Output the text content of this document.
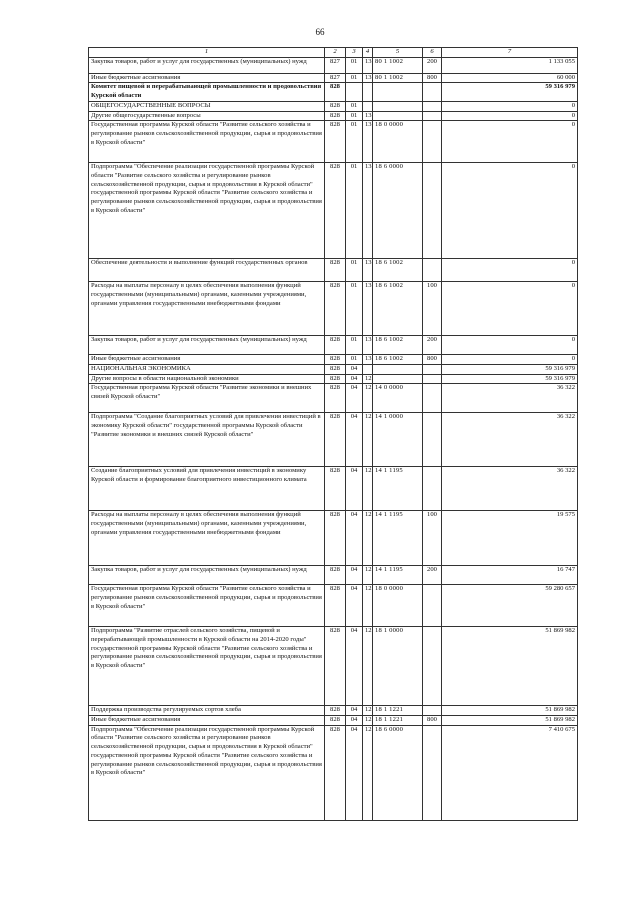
66
1	2	3	4	5	6	7
Закупка товаров, работ и услуг для государственных (муниципальных) нужд	827	01	13	80 1 1002	200	1 133 055
Иные бюджетные ассигнования	827	01	13	80 1 1002	800	60 000
Комитет пищевой и перерабатывающей промышленности и продовольствия Курской области	828					59 316 979
ОБЩЕГОСУДАРСТВЕННЫЕ ВОПРОСЫ	828	01				0
Другие общегосударственные вопросы	828	01	13			0
Государственная программа Курской области "Развитие сельского хозяйства и регулирование рынков сельскохозяйственной продукции, сырья и продовольствия в Курской области"	828	01	13	18 0 0000		0
Подпрограмма "Обеспечение реализации государственной программы Курской области "Развитие сельского хозяйства и регулирование рынков сельскохозяйственной продукции, сырья и продовольствия в Курской области" государственной программы Курской области "Развитие сельского хозяйства и регулирование рынков сельскохозяйственной продукции, сырья и продовольствия в Курской области"	828	01	13	18 6 0000		0
Обеспечение деятельности и выполнение функций государственных органов	828	01	13	18 6 1002		0
Расходы на выплаты персоналу в целях обеспечения выполнения функций государственными (муниципальными) органами, казенными учреждениями, органами управления государственными внебюджетными фондами	828	01	13	18 6 1002	100	0
Закупка товаров, работ и услуг для государственных (муниципальных) нужд	828	01	13	18 6 1002	200	0
Иные бюджетные ассигнования	828	01	13	18 6 1002	800	0
НАЦИОНАЛЬНАЯ ЭКОНОМИКА	828	04				59 316 979
Другие вопросы в области национальной экономики	828	04	12			59 316 979
Государственная программа Курской области "Развитие экономики и внешних связей Курской области"	828	04	12	14 0 0000		36 322
Подпрограмма "Создание благоприятных условий для привлечения инвестиций в экономику Курской области" государственной программы Курской области "Развитие экономики и внешних связей Курской области"	828	04	12	14 1 0000		36 322
Создание благоприятных условий для привлечения инвестиций в экономику Курской области и формирование благоприятного инвестиционного климата	828	04	12	14 1 1195		36 322
Расходы на выплаты персоналу в целях обеспечения выполнения функций государственными (муниципальными) органами, казенными учреждениями, органами управления государственными внебюджетными фондами	828	04	12	14 1 1195	100	19 575
Закупка товаров, работ и услуг для государственных (муниципальных) нужд	828	04	12	14 1 1195	200	16 747
Государственная программа Курской области "Развитие сельского хозяйства и регулирование рынков сельскохозяйственной продукции, сырья и продовольствия в Курской области"	828	04	12	18 0 0000		59 280 657
Подпрограмма "Развитие отраслей сельского хозяйства, пищевой и перерабатывающей промышленности в Курской области на 2014-2020 годы" государственной программы Курской области "Развитие сельского хозяйства и регулирование рынков сельскохозяйственной продукции, сырья и продовольствия в Курской области"	828	04	12	18 1 0000		51 869 982
Поддержка производства регулируемых сортов хлеба	828	04	12	18 1 1221		51 869 982
Иные бюджетные ассигнования	828	04	12	18 1 1221	800	51 869 982
Подпрограмма "Обеспечение реализации государственной программы Курской области "Развитие сельского хозяйства и регулирование рынков сельскохозяйственной продукции, сырья и продовольствия в Курской области" государственной программы Курской области "Развитие сельского хозяйства и регулирование рынков сельскохозяйственной продукции, сырья и продовольствия в Курской области"	828	04	12	18 6 0000		7 410 675
